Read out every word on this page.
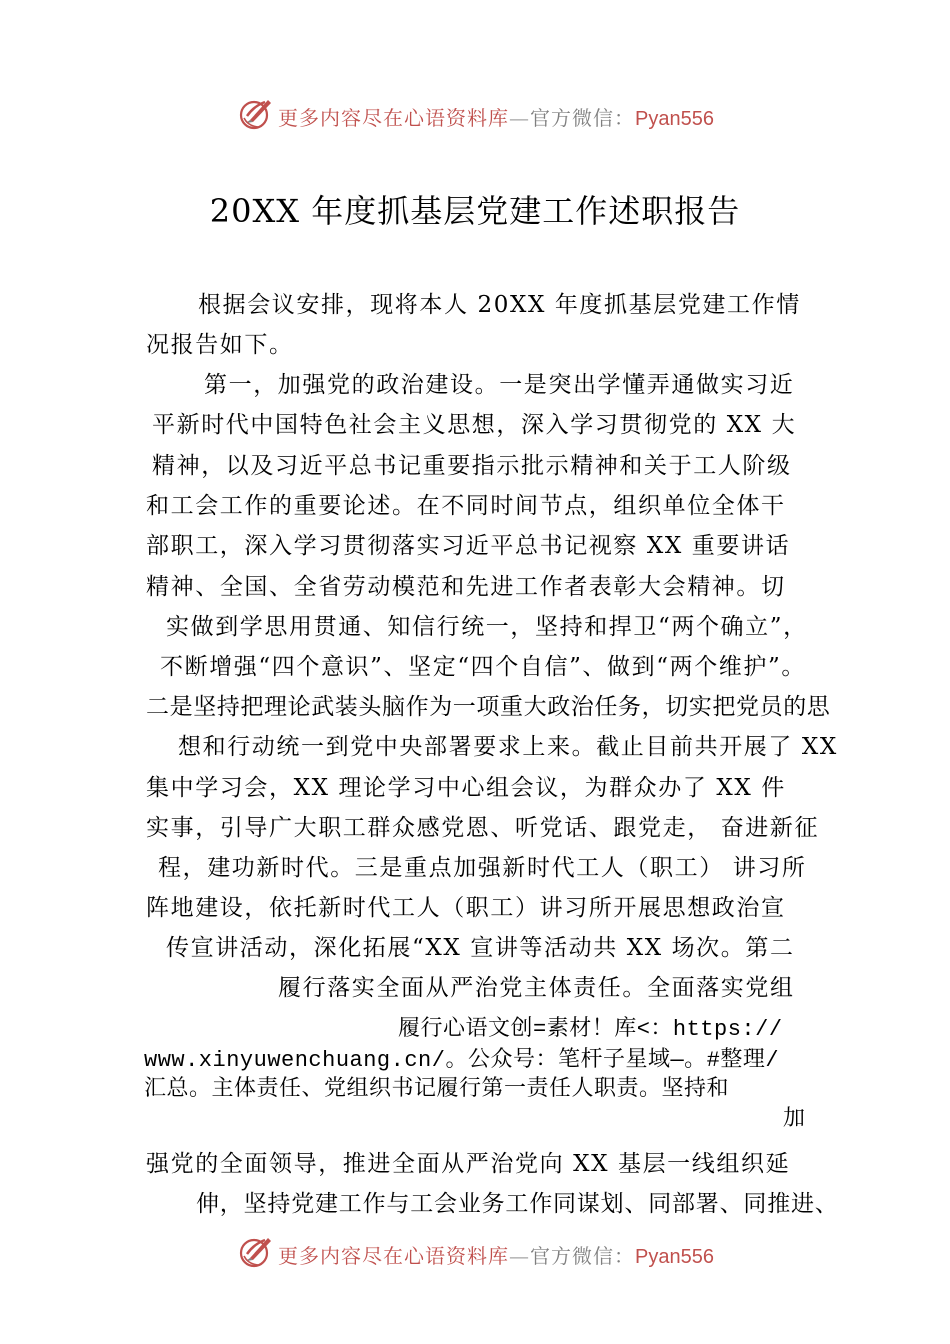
更多内容尽在心语资料库—官方微信：Pyan556
20XX 年度抓基层党建工作述职报告
根据会议安排，现将本人 20XX 年度抓基层党建工作情
况报告如下。
第一，加强党的政治建设。一是突出学懂弄通做实习近
平新时代中国特色社会主义思想，深入学习贯彻党的 XX 大
精神，以及习近平总书记重要指示批示精神和关于工人阶级
和工会工作的重要论述。在不同时间节点，组织单位全体干
部职工，深入学习贯彻落实习近平总书记视察 XX 重要讲话
精神、全国、全省劳动模范和先进工作者表彰大会精神。切
实做到学思用贯通、知信行统一，坚持和捍卫“两个确立”，
不断增强“四个意识”、坚定“四个自信”、做到“两个维护”。
二是坚持把理论武装头脑作为一项重大政治任务，切实把党员的思
想和行动统一到党中央部署要求上来。截止目前共开展了 XX
集中学习会，XX 理论学习中心组会议，为群众办了 XX 件
实事，引导广大职工群众感党恩、听党话、跟党走， 奋进新征
程，建功新时代。三是重点加强新时代工人（职工） 讲习所
阵地建设，依托新时代工人（职工）讲习所开展思想政治宣
传宣讲活动，深化拓展“XX 宣讲等活动共 XX 场次。第二
履行落实全面从严治党主体责任。全面落实党组
履行心语文创=素材！库<：https://
www.xinyuwenchuang.cn/。公众号：笔杆子星域—。#整理/
汇总。主体责任、党组织书记履行第一责任人职责。坚持和
加
强党的全面领导，推进全面从严治党向 XX 基层一线组织延
伸，坚持党建工作与工会业务工作同谋划、同部署、同推进、
更多内容尽在心语资料库—官方微信：Pyan556
